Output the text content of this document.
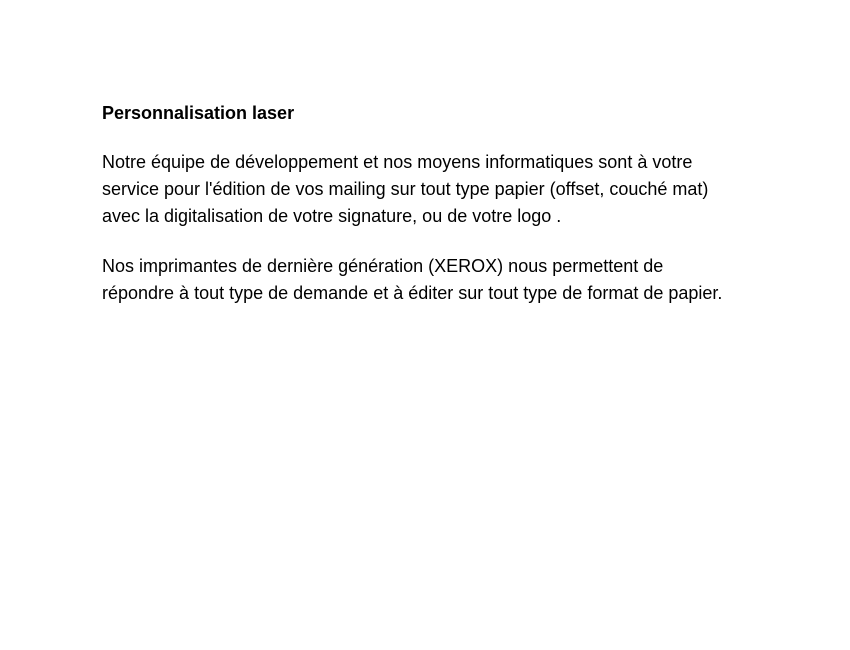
Personnalisation laser

Notre équipe de développement et nos moyens informatiques sont à votre
service pour l'édition de vos mailing sur tout type papier (offset, couché mat)
avec la digitalisation de votre signature, ou de votre logo .

Nos imprimantes de dernière génération (XEROX) nous permettent de
répondre à tout type de demande et à éditer sur tout type de format de papier.
